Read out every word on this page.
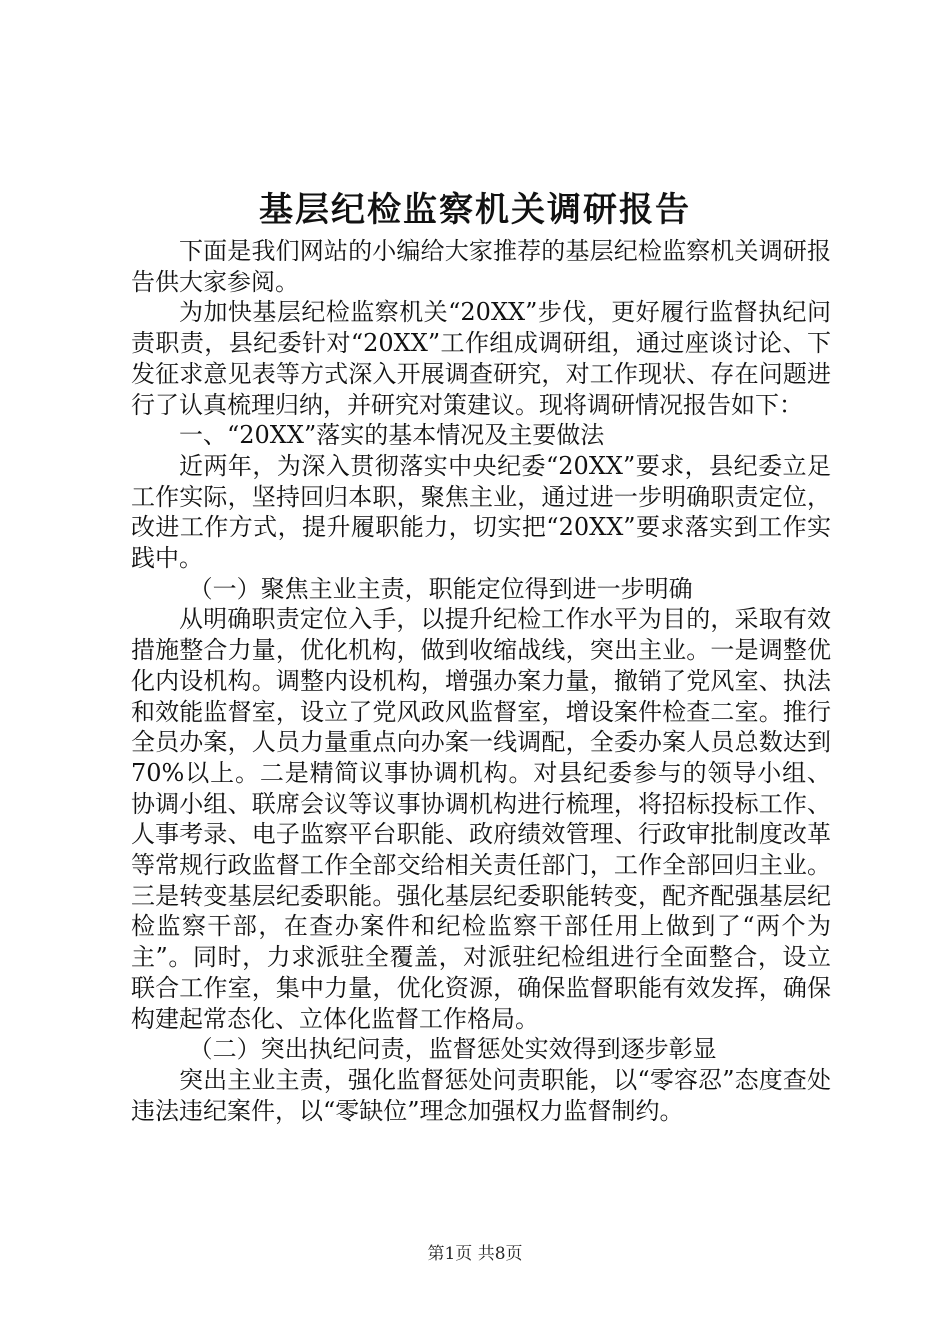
基层纪检监察机关调研报告

下面是我们网站的小编给大家推荐的基层纪检监察机关调研报告供大家参阅。

为加快基层纪检监察机关“20XX”步伐，更好履行监督执纪问责职责，县纪委针对“20XX”工作组成调研组，通过座谈讨论、下发征求意见表等方式深入开展调查研究，对工作现状、存在问题进行了认真梳理归纳，并研究对策建议。现将调研情况报告如下：

一、“20XX”落实的基本情况及主要做法

近两年，为深入贯彻落实中央纪委“20XX”要求，县纪委立足工作实际，坚持回归本职，聚焦主业，通过进一步明确职责定位，改进工作方式，提升履职能力，切实把“20XX”要求落实到工作实践中。

（一）聚焦主业主责，职能定位得到进一步明确

从明确职责定位入手，以提升纪检工作水平为目的，采取有效措施整合力量，优化机构，做到收缩战线，突出主业。一是调整优化内设机构。调整内设机构，增强办案力量，撤销了党风室、执法和效能监督室，设立了党风政风监督室，增设案件检查二室。推行全员办案，人员力量重点向办案一线调配，全委办案人员总数达到70%以上。二是精简议事协调机构。对县纪委参与的领导小组、协调小组、联席会议等议事协调机构进行梳理，将招标投标工作、人事考录、电子监察平台职能、政府绩效管理、行政审批制度改革等常规行政监督工作全部交给相关责任部门，工作全部回归主业。三是转变基层纪委职能。强化基层纪委职能转变，配齐配强基层纪检监察干部，在查办案件和纪检监察干部任用上做到了“两个为主”。同时，力求派驻全覆盖，对派驻纪检组进行全面整合，设立联合工作室，集中力量，优化资源，确保监督职能有效发挥，确保构建起常态化、立体化监督工作格局。

（二）突出执纪问责，监督惩处实效得到逐步彰显

突出主业主责，强化监督惩处问责职能，以“零容忍”态度查处违法违纪案件，以“零缺位”理念加强权力监督制约。

第1页 共8页
